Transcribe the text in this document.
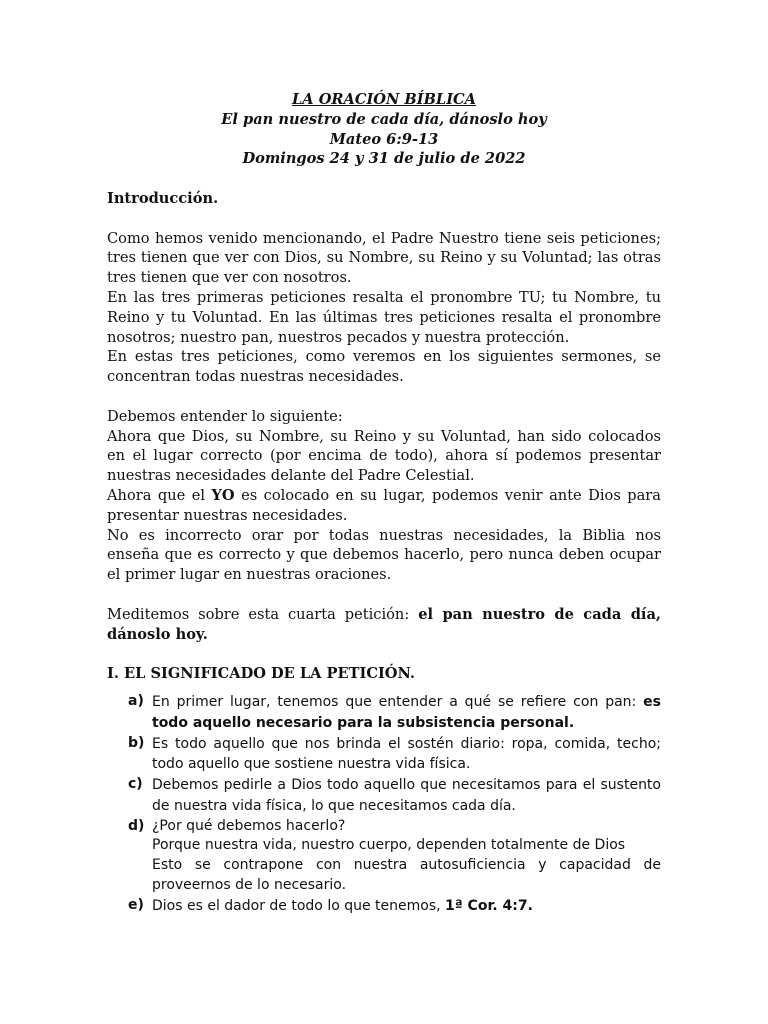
LA ORACIÓN BÍBLICA
El pan nuestro de cada día, dánoslo hoy
Mateo 6:9-13
Domingos 24 y 31 de julio de 2022
Introducción.

Como hemos venido mencionando, el Padre Nuestro tiene seis peticiones; tres tienen que ver con Dios, su Nombre, su Reino y su Voluntad; las otras tres tienen que ver con nosotros.

En las tres primeras peticiones resalta el pronombre TU; tu Nombre, tu Reino y tu Voluntad. En las últimas tres peticiones resalta el pronombre nosotros; nuestro pan, nuestros pecados y nuestra protección.

En estas tres peticiones, como veremos en los siguientes sermones, se concentran todas nuestras necesidades.

Debemos entender lo siguiente:

Ahora que Dios, su Nombre, su Reino y su Voluntad, han sido colocados en el lugar correcto (por encima de todo), ahora sí podemos presentar nuestras necesidades delante del Padre Celestial.

Ahora que el YO es colocado en su lugar, podemos venir ante Dios para presentar nuestras necesidades.

No es incorrecto orar por todas nuestras necesidades, la Biblia nos enseña que es correcto y que debemos hacerlo, pero nunca deben ocupar el primer lugar en nuestras oraciones.

Meditemos sobre esta cuarta petición: el pan nuestro de cada día, dánoslo hoy.

I. EL SIGNIFICADO DE LA PETICIÓN.
a) En primer lugar, tenemos que entender a qué se refiere con pan: es todo aquello necesario para la subsistencia personal.
b) Es todo aquello que nos brinda el sostén diario: ropa, comida, techo; todo aquello que sostiene nuestra vida física.
c) Debemos pedirle a Dios todo aquello que necesitamos para el sustento de nuestra vida física, lo que necesitamos cada día.
d) ¿Por qué debemos hacerlo?
Porque nuestra vida, nuestro cuerpo, dependen totalmente de Dios
Esto se contrapone con nuestra autosuficiencia y capacidad de proveernos de lo necesario.
e) Dios es el dador de todo lo que tenemos, 1ª Cor. 4:7.
